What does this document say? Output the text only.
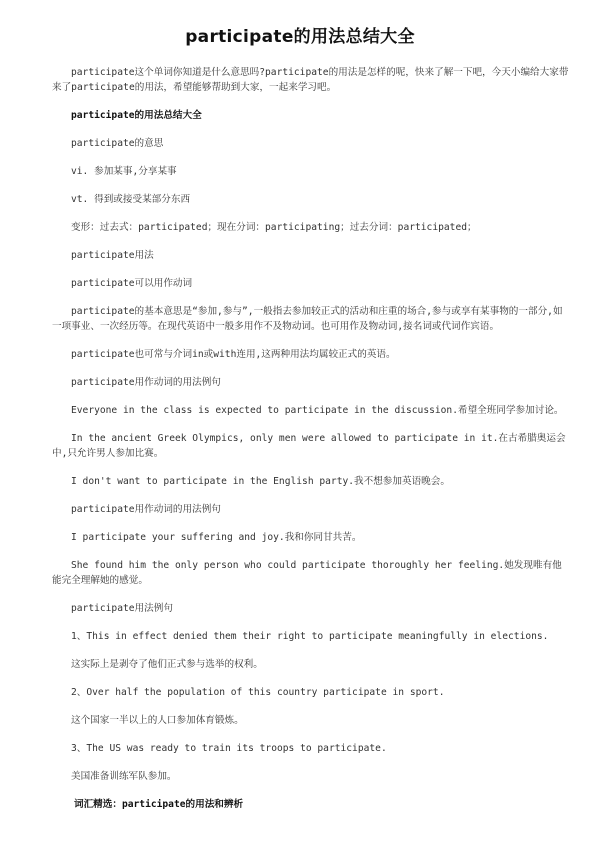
participate的用法总结大全

participate这个单词你知道是什么意思吗?participate的用法是怎样的呢，快来了解一下吧，今天小编给大家带来了participate的用法，希望能够帮助到大家，一起来学习吧。

participate的用法总结大全

participate的意思

vi. 参加某事,分享某事

vt. 得到或接受某部分东西

变形：过去式：participated；现在分词：participating；过去分词：participated；

participate用法

participate可以用作动词

participate的基本意思是“参加,参与”,一般指去参加较正式的活动和庄重的场合,参与或享有某事物的一部分,如一项事业、一次经历等。在现代英语中一般多用作不及物动词。也可用作及物动词,接名词或代词作宾语。

participate也可常与介词in或with连用,这两种用法均属较正式的英语。

participate用作动词的用法例句

Everyone in the class is expected to participate in the discussion.希望全班同学参加讨论。

In the ancient Greek Olympics, only men were allowed to participate in it.在古希腊奥运会中,只允许男人参加比赛。

I don't want to participate in the English party.我不想参加英语晚会。

participate用作动词的用法例句

I participate your suffering and joy.我和你同甘共苦。

She found him the only person who could participate thoroughly her feeling.她发现唯有他能完全理解她的感觉。

participate用法例句

1、This in effect denied them their right to participate meaningfully in elections.

这实际上是剥夺了他们正式参与选举的权利。

2、Over half the population of this country participate in sport.

这个国家一半以上的人口参加体育锻炼。

3、The US was ready to train its troops to participate.

美国准备训练军队参加。

词汇精选：participate的用法和辨析
